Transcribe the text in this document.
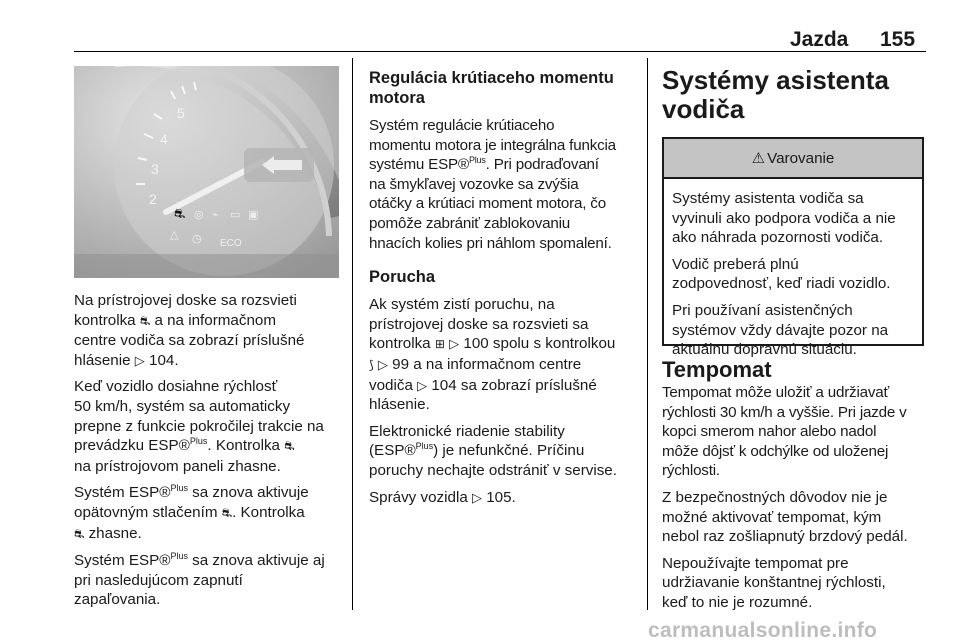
Jazda 155
5
4
3
2
⛐ ◎ ⌁ ▭ ▣
△ ◷ ECO

Na prístrojovej doske sa rozsvieti
kontrolka ⛐ a na informačnom
centre vodiča sa zobrazí príslušné
hlásenie ▷ 104.

Keď vozidlo dosiahne rýchlosť
50 km/h, systém sa automaticky
prepne z funkcie pokročilej trakcie na
prevádzku ESP®$^{Plus}$. Kontrolka ⛐
na prístrojovom paneli zhasne.

Systém ESP®$^{Plus}$ sa znova aktivuje
opätovným stlačením ⛐. Kontrolka
⛐ zhasne.

Systém ESP®$^{Plus}$ sa znova aktivuje aj
pri nasledujúcom zapnutí
zapaľovania.

Regulácia krútiaceho momentu
motora

Systém regulácie krútiaceho
momentu motora je integrálna funkcia
systému ESP®$^{Plus}$. Pri podraďovaní
na šmykľavej vozovke sa zvýšia
otáčky a krútiaci moment motora, čo
pomôže zabrániť zablokovaniu
hnacích kolies pri náhlom spomalení.

Porucha

Ak systém zistí poruchu, na
prístrojovej doske sa rozsvieti sa
kontrolka ⊞ ▷ 100 spolu s kontrolkou
⟆ ▷ 99 a na informačnom centre
vodiča ▷ 104 sa zobrazí príslušné
hlásenie.

Elektronické riadenie stability
(ESP®$^{Plus}$) je nefunkčné. Príčinu
poruchy nechajte odstrániť v servise.

Správy vozidla ▷ 105.

Systémy asistenta
vodiča
⚠ Varovanie

Systémy asistenta vodiča sa
vyvinuli ako podpora vodiča a nie
ako náhrada pozornosti vodiča.

Vodič preberá plnú
zodpovednosť, keď riadi vozidlo.

Pri používaní asistenčných
systémov vždy dávajte pozor na
aktuálnu dopravnú situáciu.

Tempomat

Tempomat môže uložiť a udržiavať
rýchlosti 30 km/h a vyššie. Pri jazde v
kopci smerom nahor alebo nadol
môže dôjsť k odchýlke od uloženej
rýchlosti.

Z bezpečnostných dôvodov nie je
možné aktivovať tempomat, kým
nebol raz zošliapnutý brzdový pedál.

Nepoužívajte tempomat pre
udržiavanie konštantnej rýchlosti,
keď to nie je rozumné.

carmanualsonline.info
